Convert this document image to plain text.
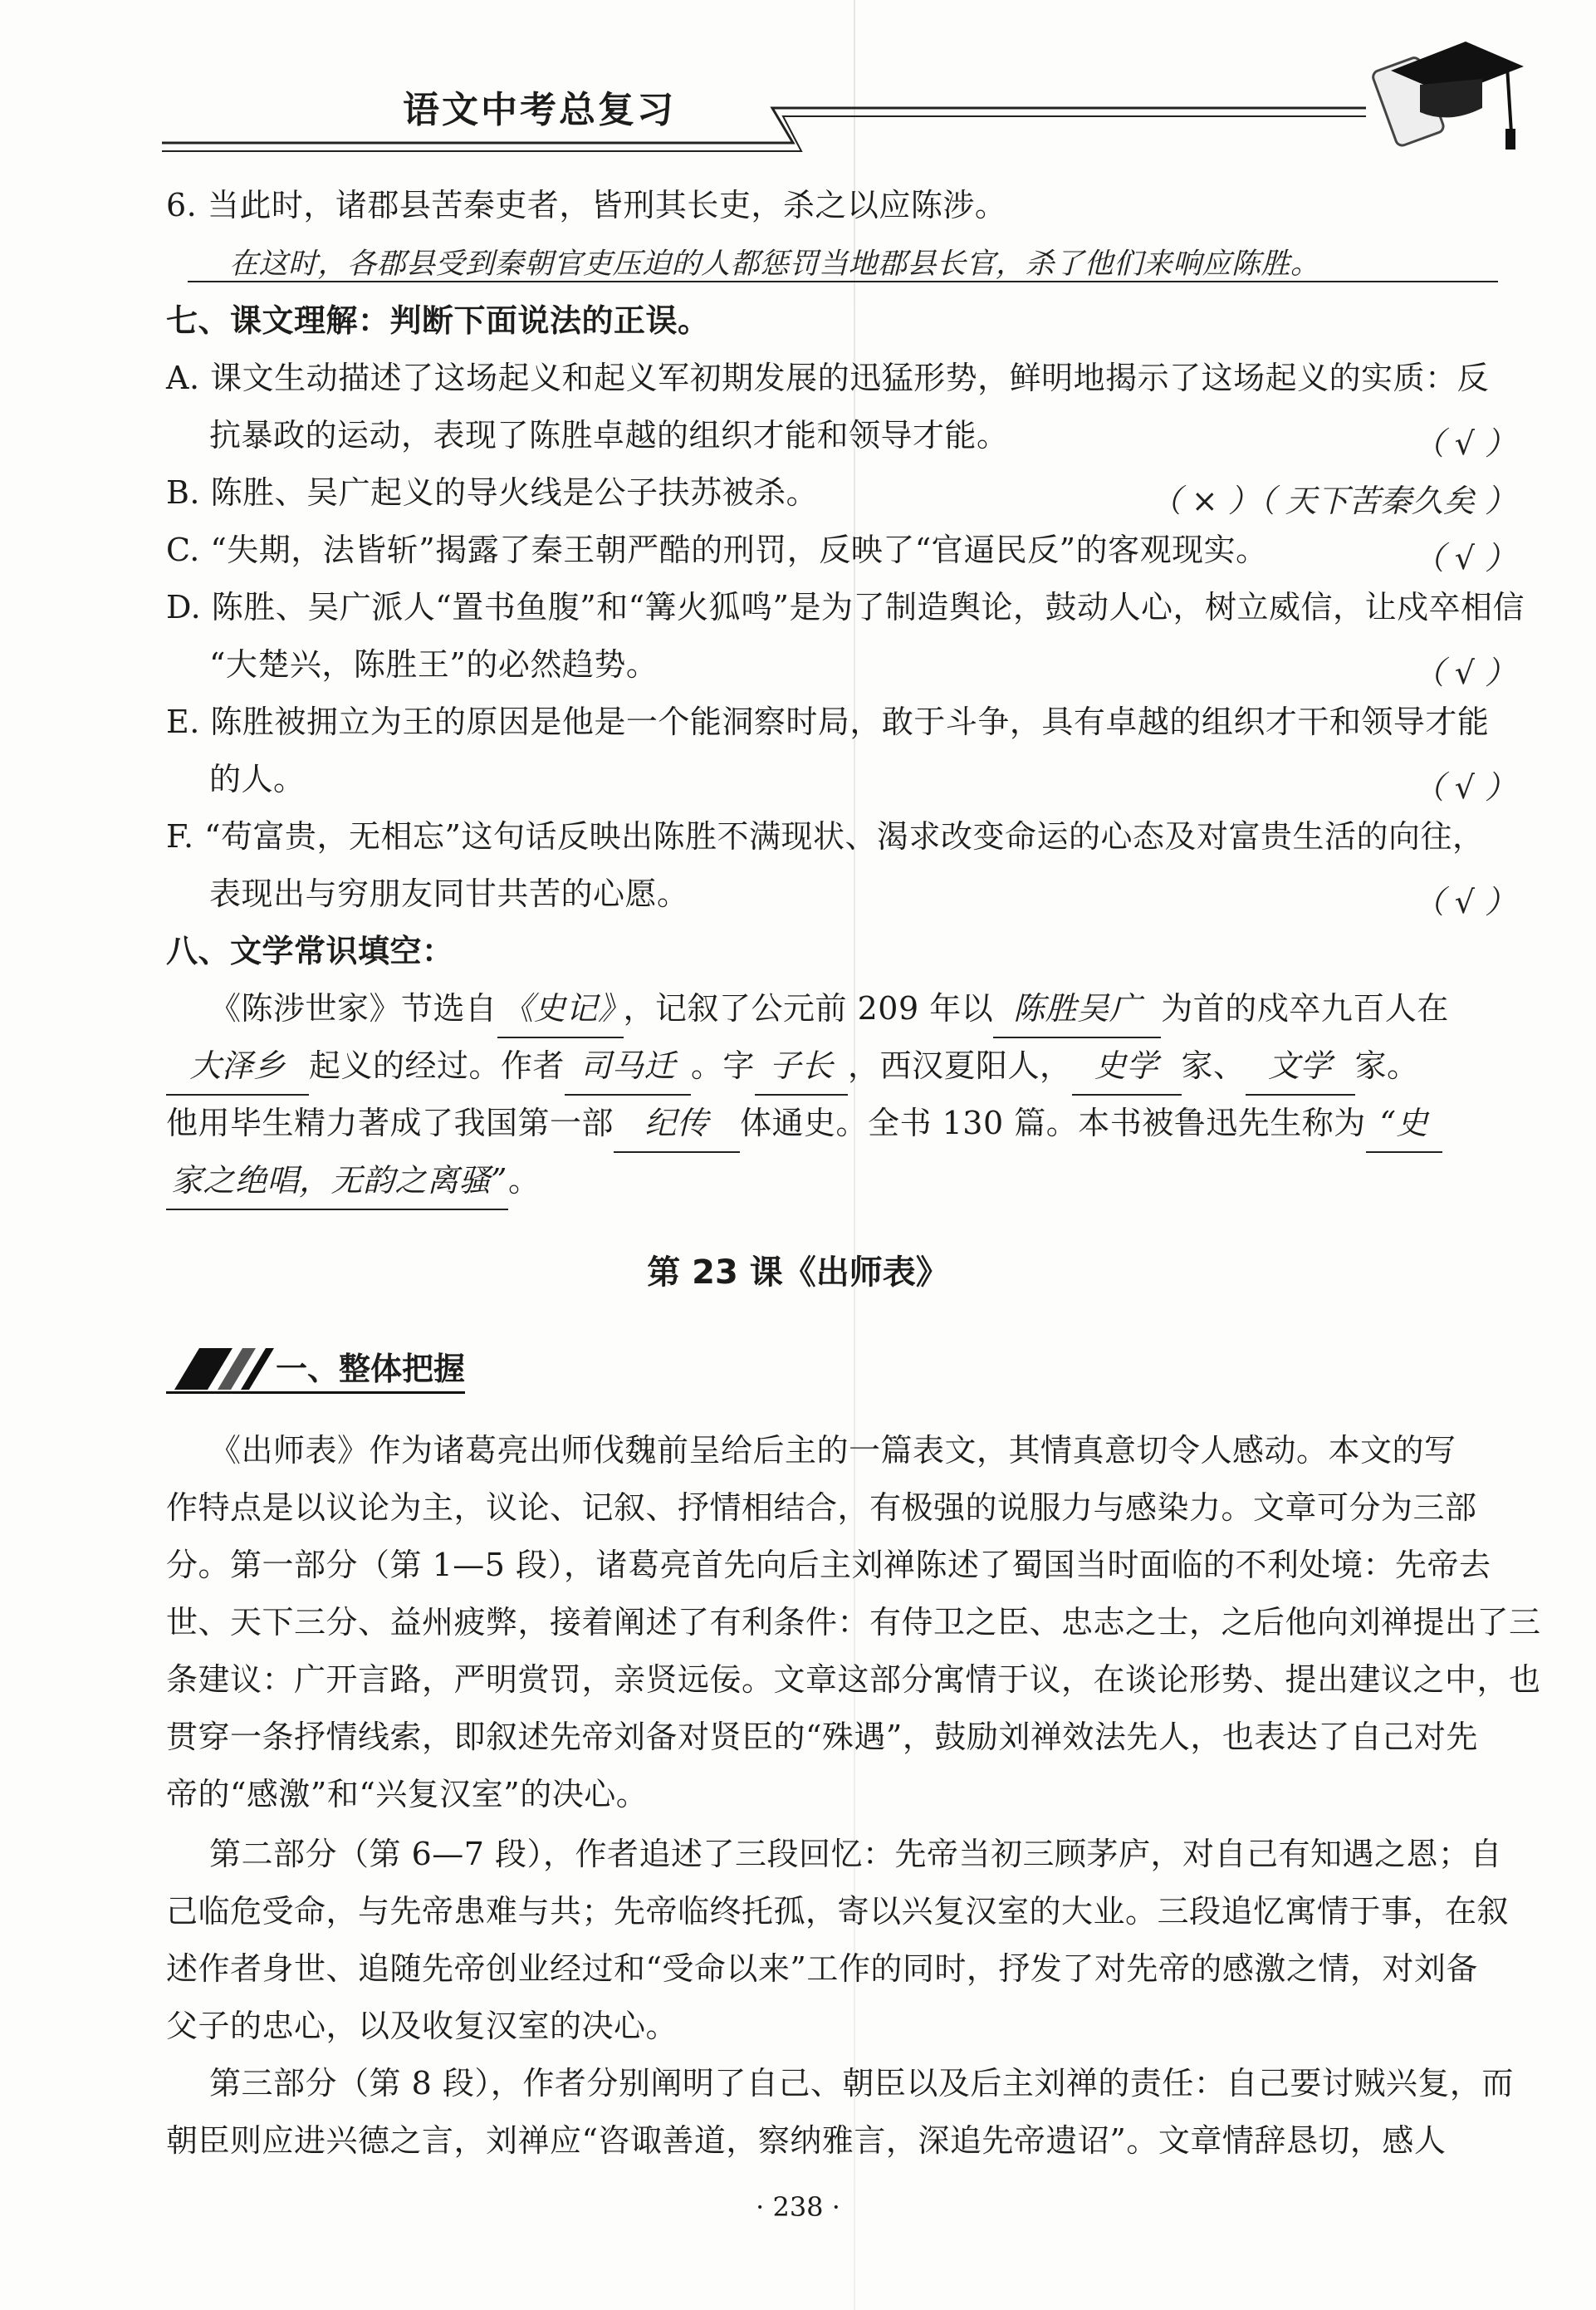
语文中考总复习
6. 当此时，诸郡县苦秦吏者，皆刑其长吏，杀之以应陈涉。
在这时，各郡县受到秦朝官吏压迫的人都惩罚当地郡县长官，杀了他们来响应陈胜。
七、课文理解：判断下面说法的正误。
A. 课文生动描述了这场起义和起义军初期发展的迅猛形势，鲜明地揭示了这场起义的实质：反
抗暴政的运动，表现了陈胜卓越的组织才能和领导才能。	（ √ ）
B. 陈胜、吴广起义的导火线是公子扶苏被杀。	（ × ）（ 天下苦秦久矣 ）
C. “失期，法皆斩”揭露了秦王朝严酷的刑罚，反映了“官逼民反”的客观现实。	（ √ ）
D. 陈胜、吴广派人“置书鱼腹”和“篝火狐鸣”是为了制造舆论，鼓动人心，树立威信，让戍卒相信
“大楚兴，陈胜王”的必然趋势。	（ √ ）
E. 陈胜被拥立为王的原因是他是一个能洞察时局，敢于斗争，具有卓越的组织才干和领导才能
的人。	（ √ ）
F. “苟富贵，无相忘”这句话反映出陈胜不满现状、渴求改变命运的心态及对富贵生活的向往，
表现出与穷朋友同甘共苦的心愿。	（ √ ）
八、文学常识填空：
《陈涉世家》节选自 《史记》，记叙了公元前 209 年以 陈胜吴广 为首的戍卒九百人在
大泽乡 起义的经过。作者 司马迁 。字 子长 ，西汉夏阳人， 史学 家、 文学 家。
他用毕生精力著成了我国第一部 纪传 体通史。全书 130 篇。本书被鲁迅先生称为 “史
家之绝唱，无韵之离骚”。
第 23 课《出师表》
一、整体把握
《出师表》作为诸葛亮出师伐魏前呈给后主的一篇表文，其情真意切令人感动。本文的写
作特点是以议论为主，议论、记叙、抒情相结合，有极强的说服力与感染力。文章可分为三部
分。第一部分（第 1—5 段），诸葛亮首先向后主刘禅陈述了蜀国当时面临的不利处境：先帝去
世、天下三分、益州疲弊，接着阐述了有利条件：有侍卫之臣、忠志之士，之后他向刘禅提出了三
条建议：广开言路，严明赏罚，亲贤远佞。文章这部分寓情于议，在谈论形势、提出建议之中，也
贯穿一条抒情线索，即叙述先帝刘备对贤臣的“殊遇”，鼓励刘禅效法先人，也表达了自己对先
帝的“感激”和“兴复汉室”的决心。
第二部分（第 6—7 段），作者追述了三段回忆：先帝当初三顾茅庐，对自己有知遇之恩；自
己临危受命，与先帝患难与共；先帝临终托孤，寄以兴复汉室的大业。三段追忆寓情于事，在叙
述作者身世、追随先帝创业经过和“受命以来”工作的同时，抒发了对先帝的感激之情，对刘备
父子的忠心，以及收复汉室的决心。
第三部分（第 8 段），作者分别阐明了自己、朝臣以及后主刘禅的责任：自己要讨贼兴复，而
朝臣则应进兴德之言，刘禅应“咨诹善道，察纳雅言，深追先帝遗诏”。文章情辞恳切，感人
· 238 ·
